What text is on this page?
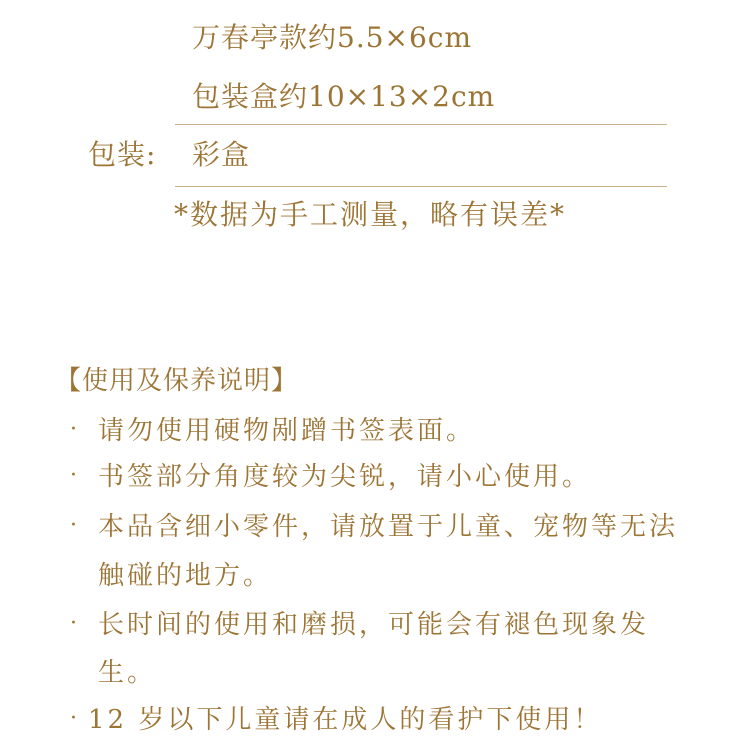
万春亭款约5.5×6cm
包装盒约10×13×2cm
包装: 彩盒
*数据为手工测量，略有误差*
【使用及保养说明】
· 请勿使用硬物剐蹭书签表面。
· 书签部分角度较为尖锐，请小心使用。
· 本品含细小零件，请放置于儿童、宠物等无法
触碰的地方。
· 长时间的使用和磨损，可能会有褪色现象发
生。
· 12 岁以下儿童请在成人的看护下使用！
